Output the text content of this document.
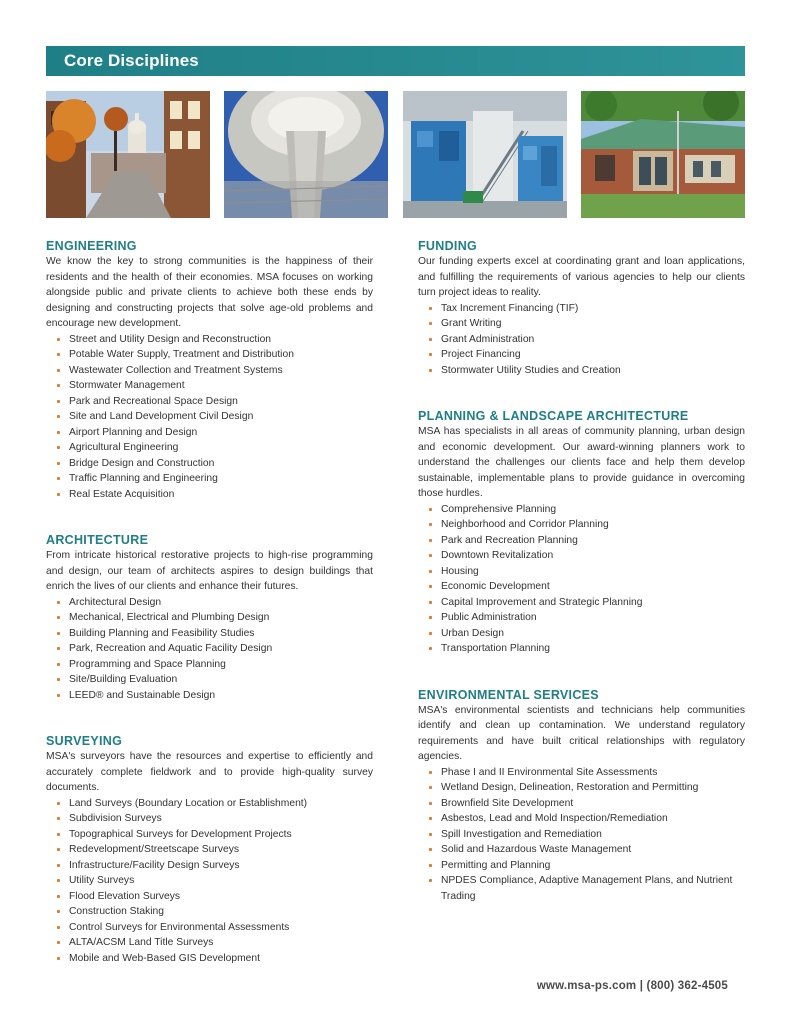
Core Disciplines
ENGINEERING

We know the key to strong communities is the happiness of their residents and the health of their economies. MSA focuses on working alongside public and private clients to achieve both these ends by designing and constructing projects that solve age-old problems and encourage new development.

Street and Utility Design and Reconstruction
Potable Water Supply, Treatment and Distribution
Wastewater Collection and Treatment Systems
Stormwater Management
Park and Recreational Space Design
Site and Land Development Civil Design
Airport Planning and Design
Agricultural Engineering
Bridge Design and Construction
Traffic Planning and Engineering
Real Estate Acquisition
ARCHITECTURE

From intricate historical restorative projects to high-rise programming and design, our team of architects aspires to design buildings that enrich the lives of our clients and enhance their futures.

Architectural Design
Mechanical, Electrical and Plumbing Design
Building Planning and Feasibility Studies
Park, Recreation and Aquatic Facility Design
Programming and Space Planning
Site/Building Evaluation
LEED® and Sustainable Design
SURVEYING

MSA's surveyors have the resources and expertise to efficiently and accurately complete fieldwork and to provide high-quality survey documents.

Land Surveys (Boundary Location or Establishment)
Subdivision Surveys
Topographical Surveys for Development Projects
Redevelopment/Streetscape Surveys
Infrastructure/Facility Design Surveys
Utility Surveys
Flood Elevation Surveys
Construction Staking
Control Surveys for Environmental Assessments
ALTA/ACSM Land Title Surveys
Mobile and Web-Based GIS Development
FUNDING

Our funding experts excel at coordinating grant and loan applications, and fulfilling the requirements of various agencies to help our clients turn project ideas to reality.

Tax Increment Financing (TIF)
Grant Writing
Grant Administration
Project Financing
Stormwater Utility Studies and Creation
PLANNING & LANDSCAPE ARCHITECTURE

MSA has specialists in all areas of community planning, urban design and economic development. Our award-winning planners work to understand the challenges our clients face and help them develop sustainable, implementable plans to provide guidance in overcoming those hurdles.

Comprehensive Planning
Neighborhood and Corridor Planning
Park and Recreation Planning
Downtown Revitalization
Housing
Economic Development
Capital Improvement and Strategic Planning
Public Administration
Urban Design
Transportation Planning
ENVIRONMENTAL SERVICES

MSA's environmental scientists and technicians help communities identify and clean up contamination. We understand regulatory requirements and have built critical relationships with regulatory agencies.

Phase I and II Environmental Site Assessments
Wetland Design, Delineation, Restoration and Permitting
Brownfield Site Development
Asbestos, Lead and Mold Inspection/Remediation
Spill Investigation and Remediation
Solid and Hazardous Waste Management
Permitting and Planning
NPDES Compliance, Adaptive Management Plans, and Nutrient Trading
www.msa-ps.com | (800) 362-4505
